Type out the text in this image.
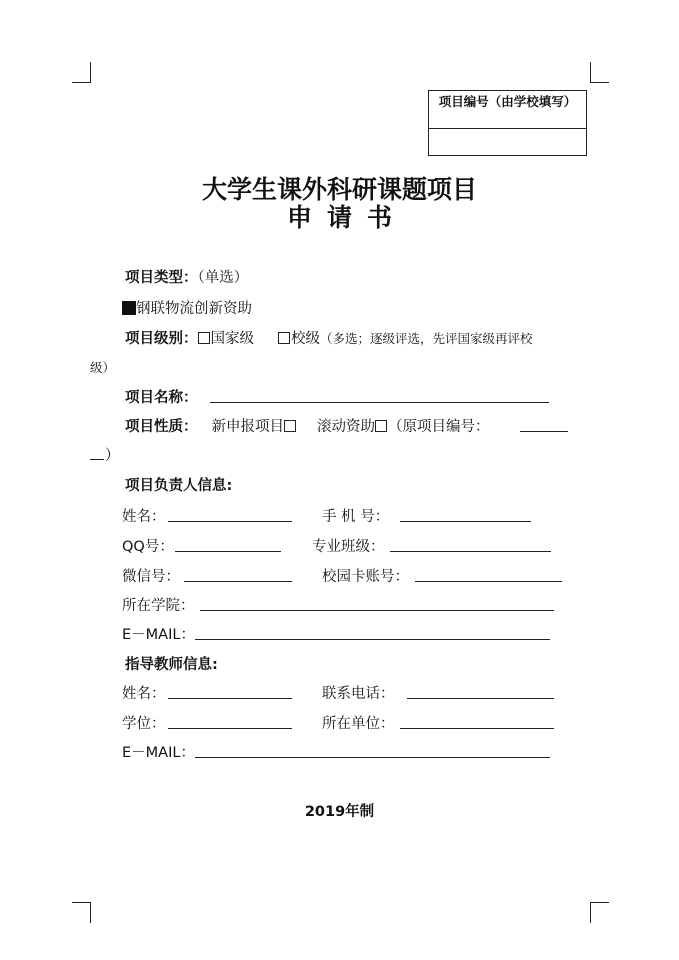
项目编号（由学校填写）
大学生课外科研课题项目
申请书
项目类型：（单选）
钢联物流创新资助
项目级别： 国家级	校级（多选；逐级评选，先评国家级再评校
级）
项目名称：
项目性质： 新申报项目 滚动资助 （原项目编号：
）
项目负责人信息:
姓名：	手 机 号：
QQ号：	专业班级：
微信号：	校园卡账号：
所在学院：
E－MAIL：
指导教师信息:
姓名：	联系电话：
学位：	所在单位：
E－MAIL：
2019年制
